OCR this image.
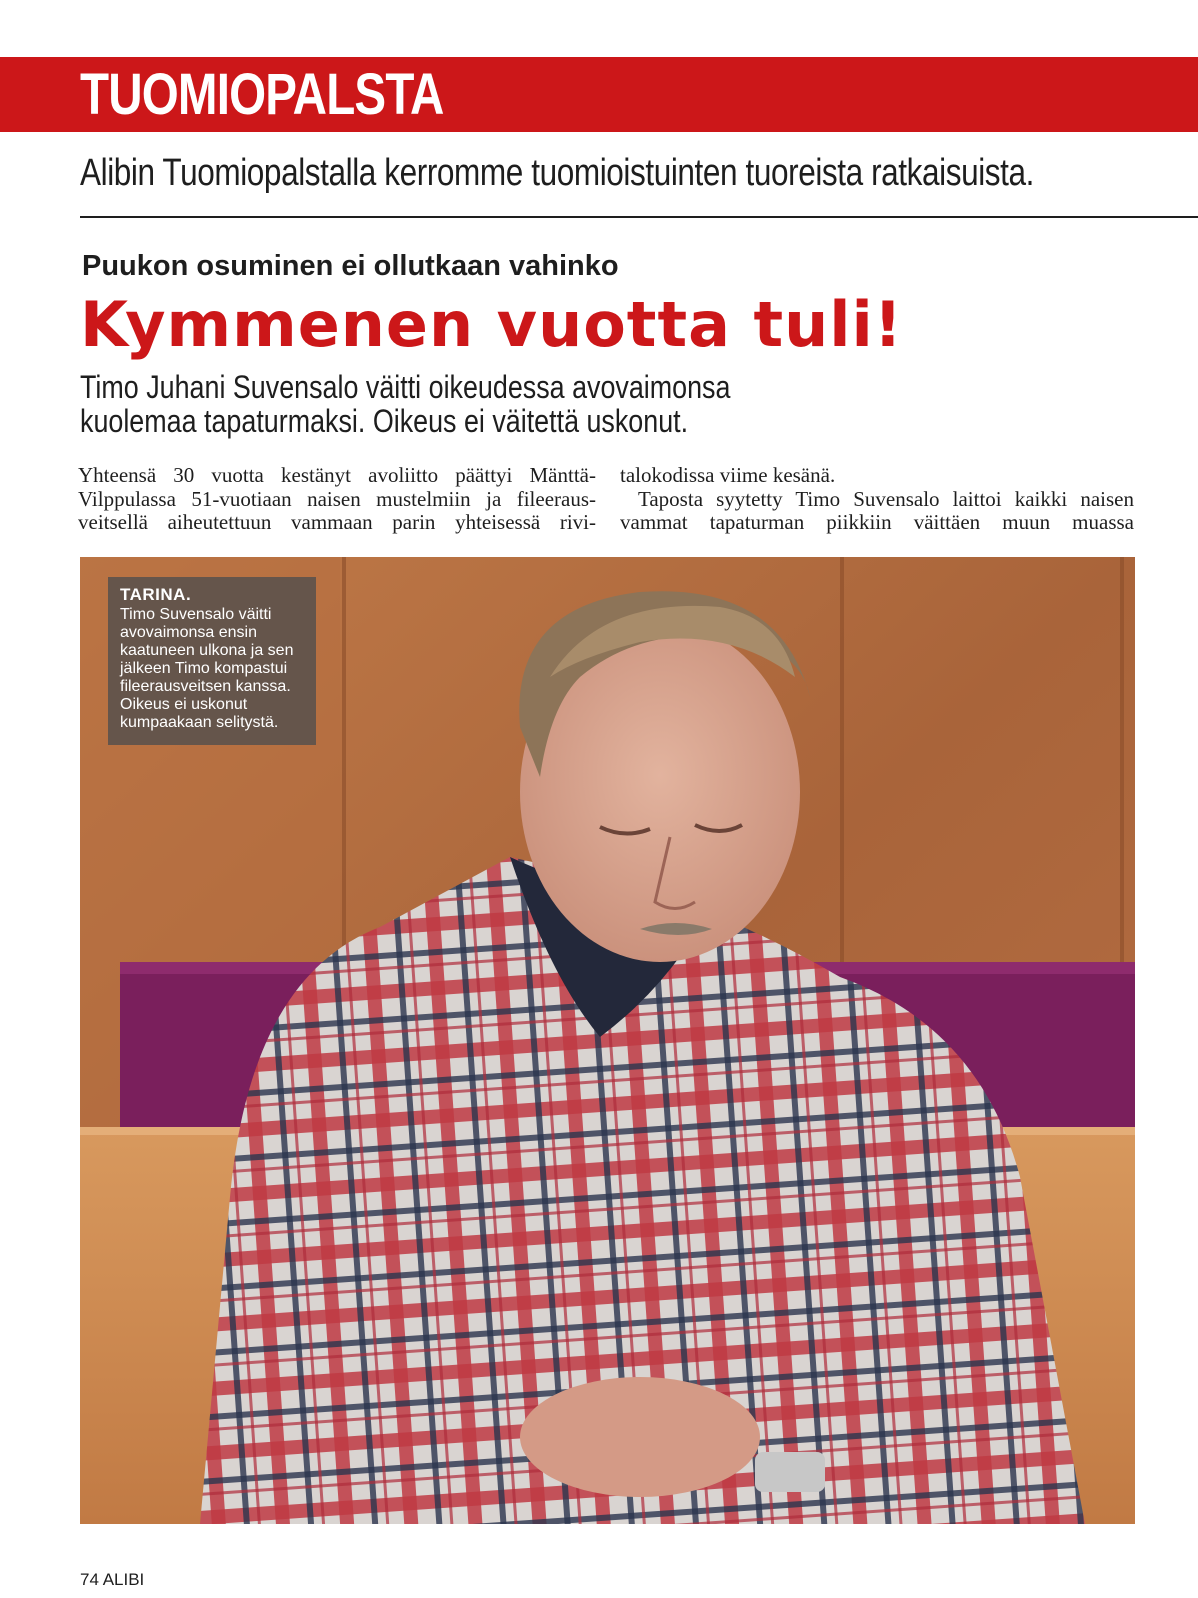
TUOMIOPALSTA
Alibin Tuomiopalstalla kerromme tuomioistuinten tuoreista ratkaisuista.
Puukon osuminen ei ollutkaan vahinko
Kymmenen vuotta tuli!
Timo Juhani Suvensalo väitti oikeudessa avovaimonsa
kuolemaa tapaturmaksi. Oikeus ei väitettä uskonut.
Yhteensä 30 vuotta kestänyt avoliitto päättyi Mänttä-
Vilppulassa 51-vuotiaan naisen mustelmiin ja fileeraus-
veitsellä aiheutettuun vammaan parin yhteisessä rivi-
talokodissa viime kesänä.
Taposta syytetty Timo Suvensalo laittoi kaikki naisen
vammat tapaturman piikkiin väittäen muun muassa
TARINA.
Timo Suvensalo väitti
avovaimonsa ensin
kaatuneen ulkona ja sen
jälkeen Timo kompastui
fileerausveitsen kanssa.
Oikeus ei uskonut
kumpaakaan selitystä.
74 ALIBI
